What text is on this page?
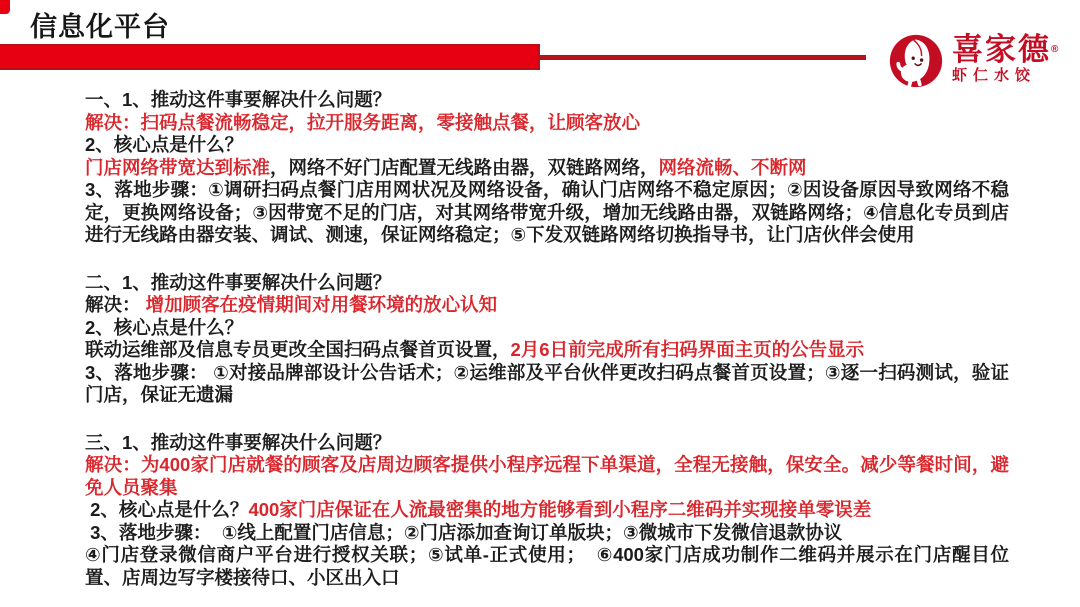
信息化平台
喜家德®
虾仁水饺

一、1、推动这件事要解决什么问题？

解决：扫码点餐流畅稳定，拉开服务距离，零接触点餐，让顾客放心

2、核心点是什么？

门店网络带宽达到标准，网络不好门店配置无线路由器，双链路网络，网络流畅、不断网

3、落地步骤：①调研扫码点餐门店用网状况及网络设备，确认门店网络不稳定原因；②因设备原因导致网络不稳定，更换网络设备；③因带宽不足的门店，对其网络带宽升级，增加无线路由器，双链路网络；④信息化专员到店进行无线路由器安装、调试、测速，保证网络稳定；⑤下发双链路网络切换指导书，让门店伙伴会使用

二、1、推动这件事要解决什么问题？

解决： 增加顾客在疫情期间对用餐环境的放心认知

2、核心点是什么？

联动运维部及信息专员更改全国扫码点餐首页设置，2月6日前完成所有扫码界面主页的公告显示

3、落地步骤： ①对接品牌部设计公告话术；②运维部及平台伙伴更改扫码点餐首页设置；③逐一扫码测试，验证门店，保证无遗漏

三、1、推动这件事要解决什么问题？

解决：为400家门店就餐的顾客及店周边顾客提供小程序远程下单渠道，全程无接触，保安全。减少等餐时间，避免人员聚集

2、核心点是什么？400家门店保证在人流最密集的地方能够看到小程序二维码并实现接单零误差

3、落地步骤：  ①线上配置门店信息；②门店添加查询订单版块；③微城市下发微信退款协议

④门店登录微信商户平台进行授权关联；⑤试单-正式使用；  ⑥400家门店成功制作二维码并展示在门店醒目位置、店周边写字楼接待口、小区出入口
